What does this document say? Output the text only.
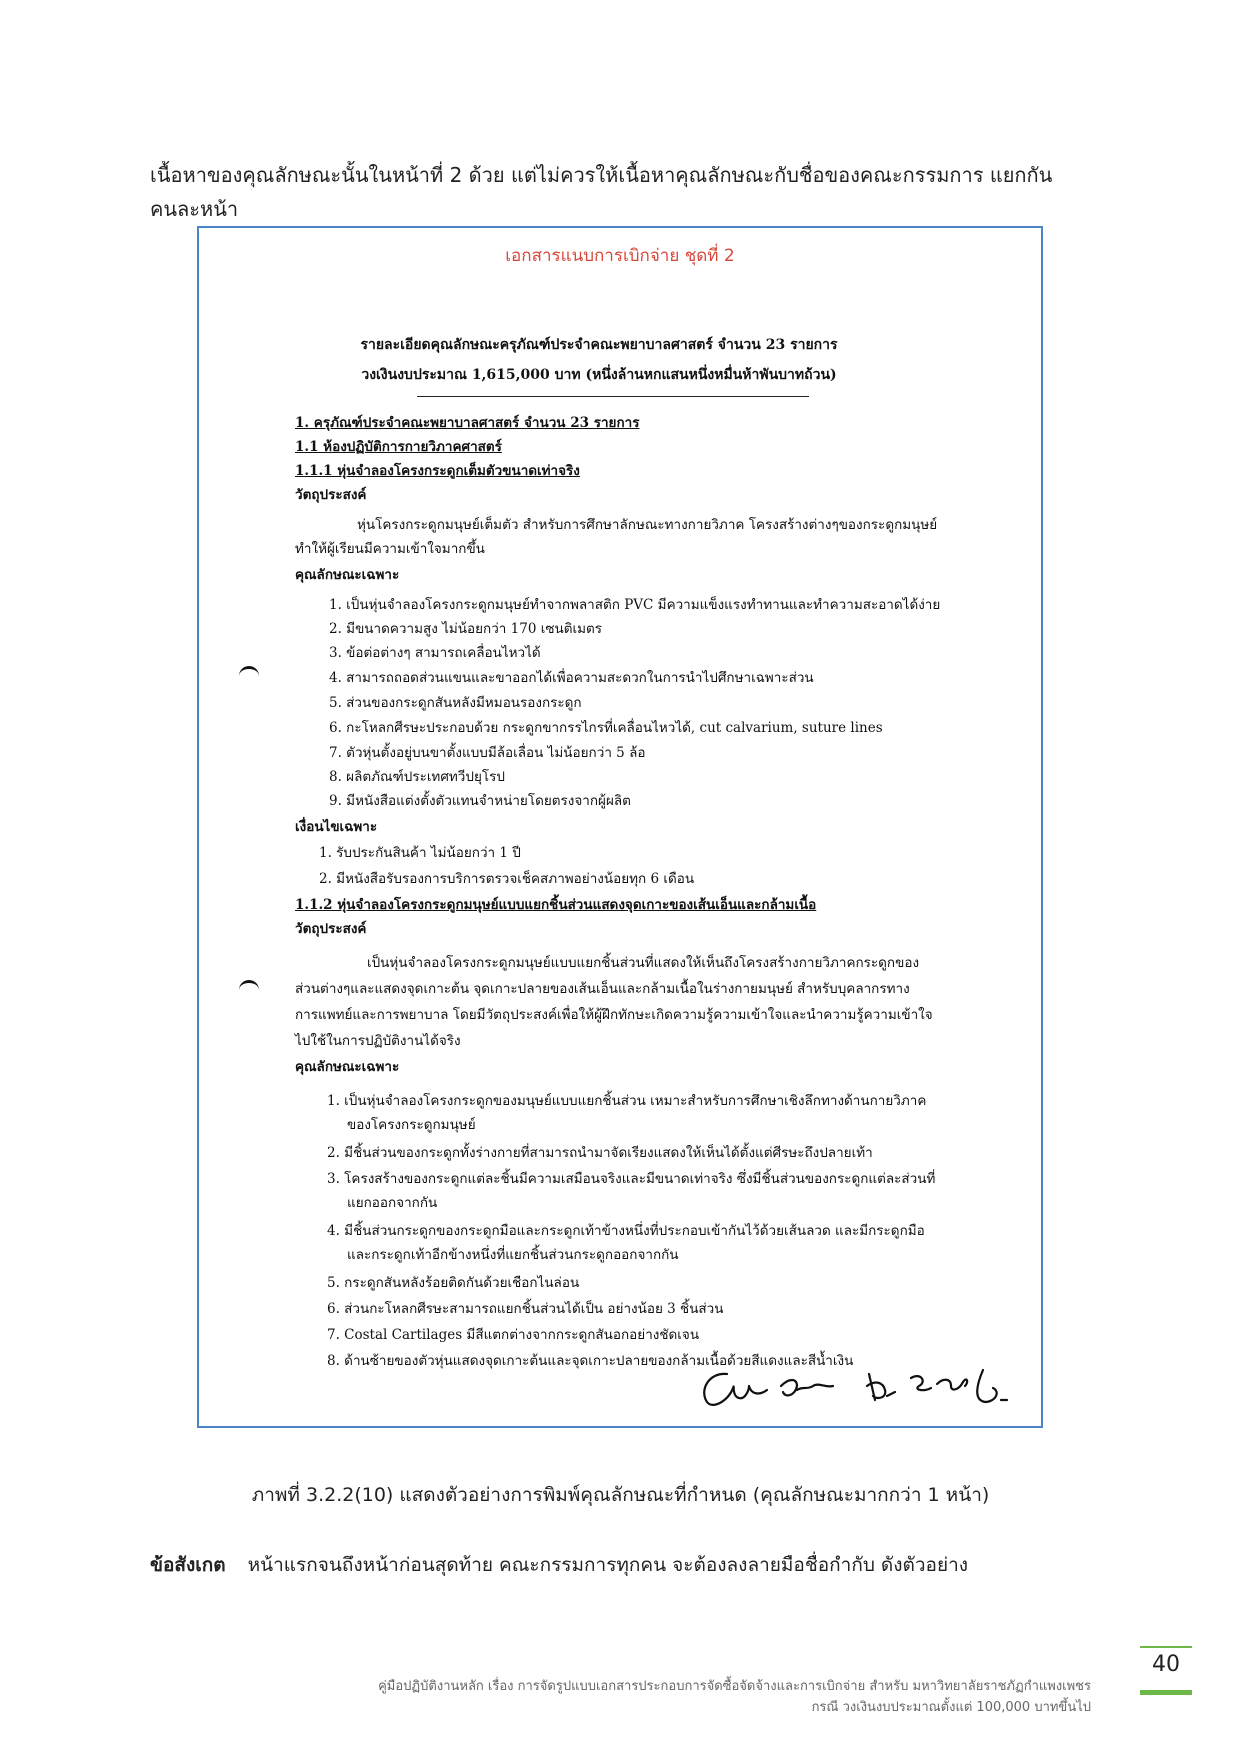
เนื้อหาของคุณลักษณะนั้นในหน้าที่ 2 ด้วย แต่ไม่ควรให้เนื้อหาคุณลักษณะกับชื่อของคณะกรรมการ แยกกัน
คนละหน้า
เอกสารแนบการเบิกจ่าย ชุดที่ 2
รายละเอียดคุณลักษณะครุภัณฑ์ประจำคณะพยาบาลศาสตร์ จำนวน 23 รายการ
วงเงินงบประมาณ 1,615,000 บาท (หนึ่งล้านหกแสนหนึ่งหมื่นห้าพันบาทถ้วน)
1. ครุภัณฑ์ประจำคณะพยาบาลศาสตร์ จำนวน 23 รายการ
1.1 ห้องปฏิบัติการกายวิภาคศาสตร์
1.1.1 หุ่นจำลองโครงกระดูกเต็มตัวขนาดเท่าจริง
วัตถุประสงค์
หุ่นโครงกระดูกมนุษย์เต็มตัว สำหรับการศึกษาลักษณะทางกายวิภาค โครงสร้างต่างๆของกระดูกมนุษย์
ทำให้ผู้เรียนมีความเข้าใจมากขึ้น
คุณลักษณะเฉพาะ
1. เป็นหุ่นจำลองโครงกระดูกมนุษย์ทำจากพลาสติก PVC มีความแข็งแรงทำทานและทำความสะอาดได้ง่าย
2. มีขนาดความสูง ไม่น้อยกว่า 170 เซนติเมตร
3. ข้อต่อต่างๆ สามารถเคลื่อนไหวได้
4. สามารถถอดส่วนแขนและขาออกได้เพื่อความสะดวกในการนำไปศึกษาเฉพาะส่วน
5. ส่วนของกระดูกสันหลังมีหมอนรองกระดูก
6. กะโหลกศีรษะประกอบด้วย กระดูกขากรรไกรที่เคลื่อนไหวได้, cut calvarium, suture lines
7. ตัวหุ่นตั้งอยู่บนขาตั้งแบบมีล้อเลื่อน ไม่น้อยกว่า 5 ล้อ
8. ผลิตภัณฑ์ประเทศทวีปยุโรป
9. มีหนังสือแต่งตั้งตัวแทนจำหน่ายโดยตรงจากผู้ผลิต
เงื่อนไขเฉพาะ
1. รับประกันสินค้า ไม่น้อยกว่า 1 ปี
2. มีหนังสือรับรองการบริการตรวจเช็คสภาพอย่างน้อยทุก 6 เดือน
1.1.2 หุ่นจำลองโครงกระดูกมนุษย์แบบแยกชิ้นส่วนแสดงจุดเกาะของเส้นเอ็นและกล้ามเนื้อ
วัตถุประสงค์
เป็นหุ่นจำลองโครงกระดูกมนุษย์แบบแยกชิ้นส่วนที่แสดงให้เห็นถึงโครงสร้างกายวิภาคกระดูกของ
ส่วนต่างๆและแสดงจุดเกาะต้น จุดเกาะปลายของเส้นเอ็นและกล้ามเนื้อในร่างกายมนุษย์ สำหรับบุคลากรทาง
การแพทย์และการพยาบาล โดยมีวัตถุประสงค์เพื่อให้ผู้ฝึกทักษะเกิดความรู้ความเข้าใจและนำความรู้ความเข้าใจ
ไปใช้ในการปฏิบัติงานได้จริง
คุณลักษณะเฉพาะ
1. เป็นหุ่นจำลองโครงกระดูกของมนุษย์แบบแยกชิ้นส่วน เหมาะสำหรับการศึกษาเชิงลึกทางด้านกายวิภาค
ของโครงกระดูกมนุษย์
2. มีชิ้นส่วนของกระดูกทั้งร่างกายที่สามารถนำมาจัดเรียงแสดงให้เห็นได้ตั้งแต่ศีรษะถึงปลายเท้า
3. โครงสร้างของกระดูกแต่ละชิ้นมีความเสมือนจริงและมีขนาดเท่าจริง ซึ่งมีชิ้นส่วนของกระดูกแต่ละส่วนที่
แยกออกจากกัน
4. มีชิ้นส่วนกระดูกของกระดูกมือและกระดูกเท้าข้างหนึ่งที่ประกอบเข้ากันไว้ด้วยเส้นลวด และมีกระดูกมือ
และกระดูกเท้าอีกข้างหนึ่งที่แยกชิ้นส่วนกระดูกออกจากกัน
5. กระดูกสันหลังร้อยติดกันด้วยเชือกไนล่อน
6. ส่วนกะโหลกศีรษะสามารถแยกชิ้นส่วนได้เป็น อย่างน้อย 3 ชิ้นส่วน
7. Costal Cartilages มีสีแตกต่างจากกระดูกสันอกอย่างชัดเจน
8. ด้านซ้ายของตัวหุ่นแสดงจุดเกาะต้นและจุดเกาะปลายของกล้ามเนื้อด้วยสีแดงและสีน้ำเงิน
ภาพที่ 3.2.2(10) แสดงตัวอย่างการพิมพ์คุณลักษณะที่กำหนด (คุณลักษณะมากกว่า 1 หน้า)
ข้อสังเกต หน้าแรกจนถึงหน้าก่อนสุดท้าย คณะกรรมการทุกคน จะต้องลงลายมือชื่อกำกับ ดังตัวอย่าง
คู่มือปฏิบัติงานหลัก เรื่อง การจัดรูปแบบเอกสารประกอบการจัดซื้อจัดจ้างและการเบิกจ่าย สำหรับ มหาวิทยาลัยราชภัฏกำแพงเพชร
กรณี วงเงินงบประมาณตั้งแต่ 100,000 บาทขึ้นไป
40
